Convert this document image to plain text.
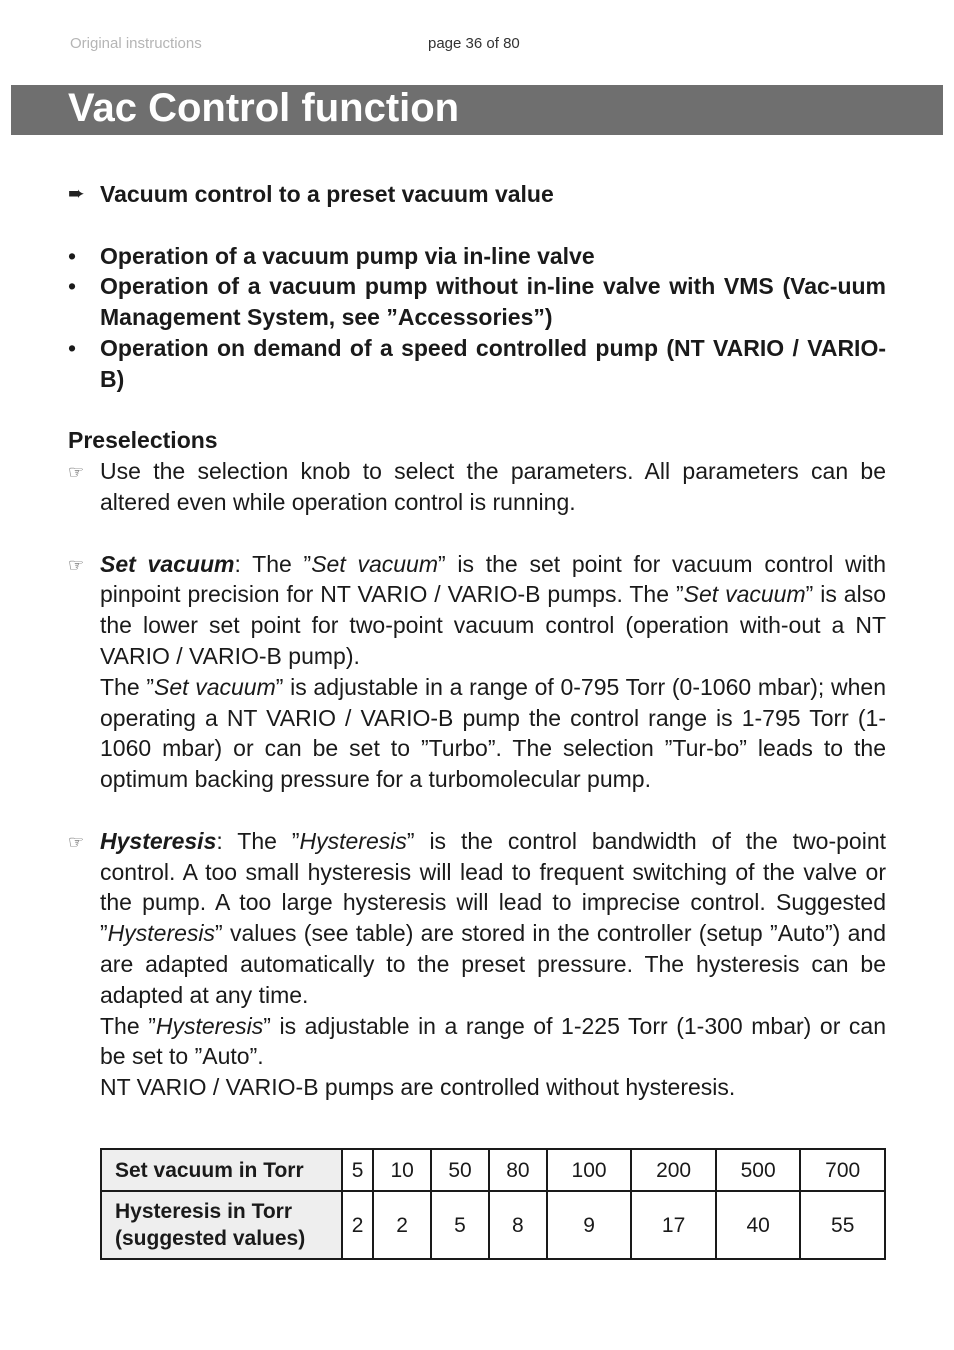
Original instructions	page 36 of 80
Vac Control function
➨ Vacuum control to a preset vacuum value
•	Operation of a vacuum pump via in-line valve
•	Operation of a vacuum pump without in-line valve with VMS (Vac-uum Management System, see ”Accessories”)
•	Operation on demand of a speed controlled pump (NT VARIO / VARIO-B)
Preselections
☞ Use the selection knob to select the parameters. All parameters can be altered even while operation control is running.
☞ Set vacuum: The ”Set vacuum” is the set point for vacuum control with pinpoint precision for NT VARIO / VARIO-B pumps. The ”Set vacuum” is also the lower set point for two-point vacuum control (operation with-out a NT VARIO / VARIO-B pump).
The ”Set vacuum” is adjustable in a range of 0-795 Torr (0-1060 mbar); when operating a NT VARIO / VARIO-B pump the control range is 1-795 Torr (1-1060 mbar) or can be set to ”Turbo”. The selection ”Tur-bo” leads to the optimum backing pressure for a turbomolecular pump.
☞ Hysteresis: The ”Hysteresis” is the control bandwidth of the two-point control. A too small hysteresis will lead to frequent switching of the valve or the pump. A too large hysteresis will lead to imprecise control. Suggested ”Hysteresis” values (see table) are stored in the controller (setup ”Auto”) and are adapted automatically to the preset pressure. The hysteresis can be adapted at any time.
The ”Hysteresis” is adjustable in a range of 1-225 Torr (1-300 mbar) or can be set to ”Auto”.
NT VARIO / VARIO-B pumps are controlled without hysteresis.
Set vacuum in Torr	5	10	50	80	100	200	500	700

Hysteresis in Torr
(suggested values)	2	2	5	8	9	17	40	55
